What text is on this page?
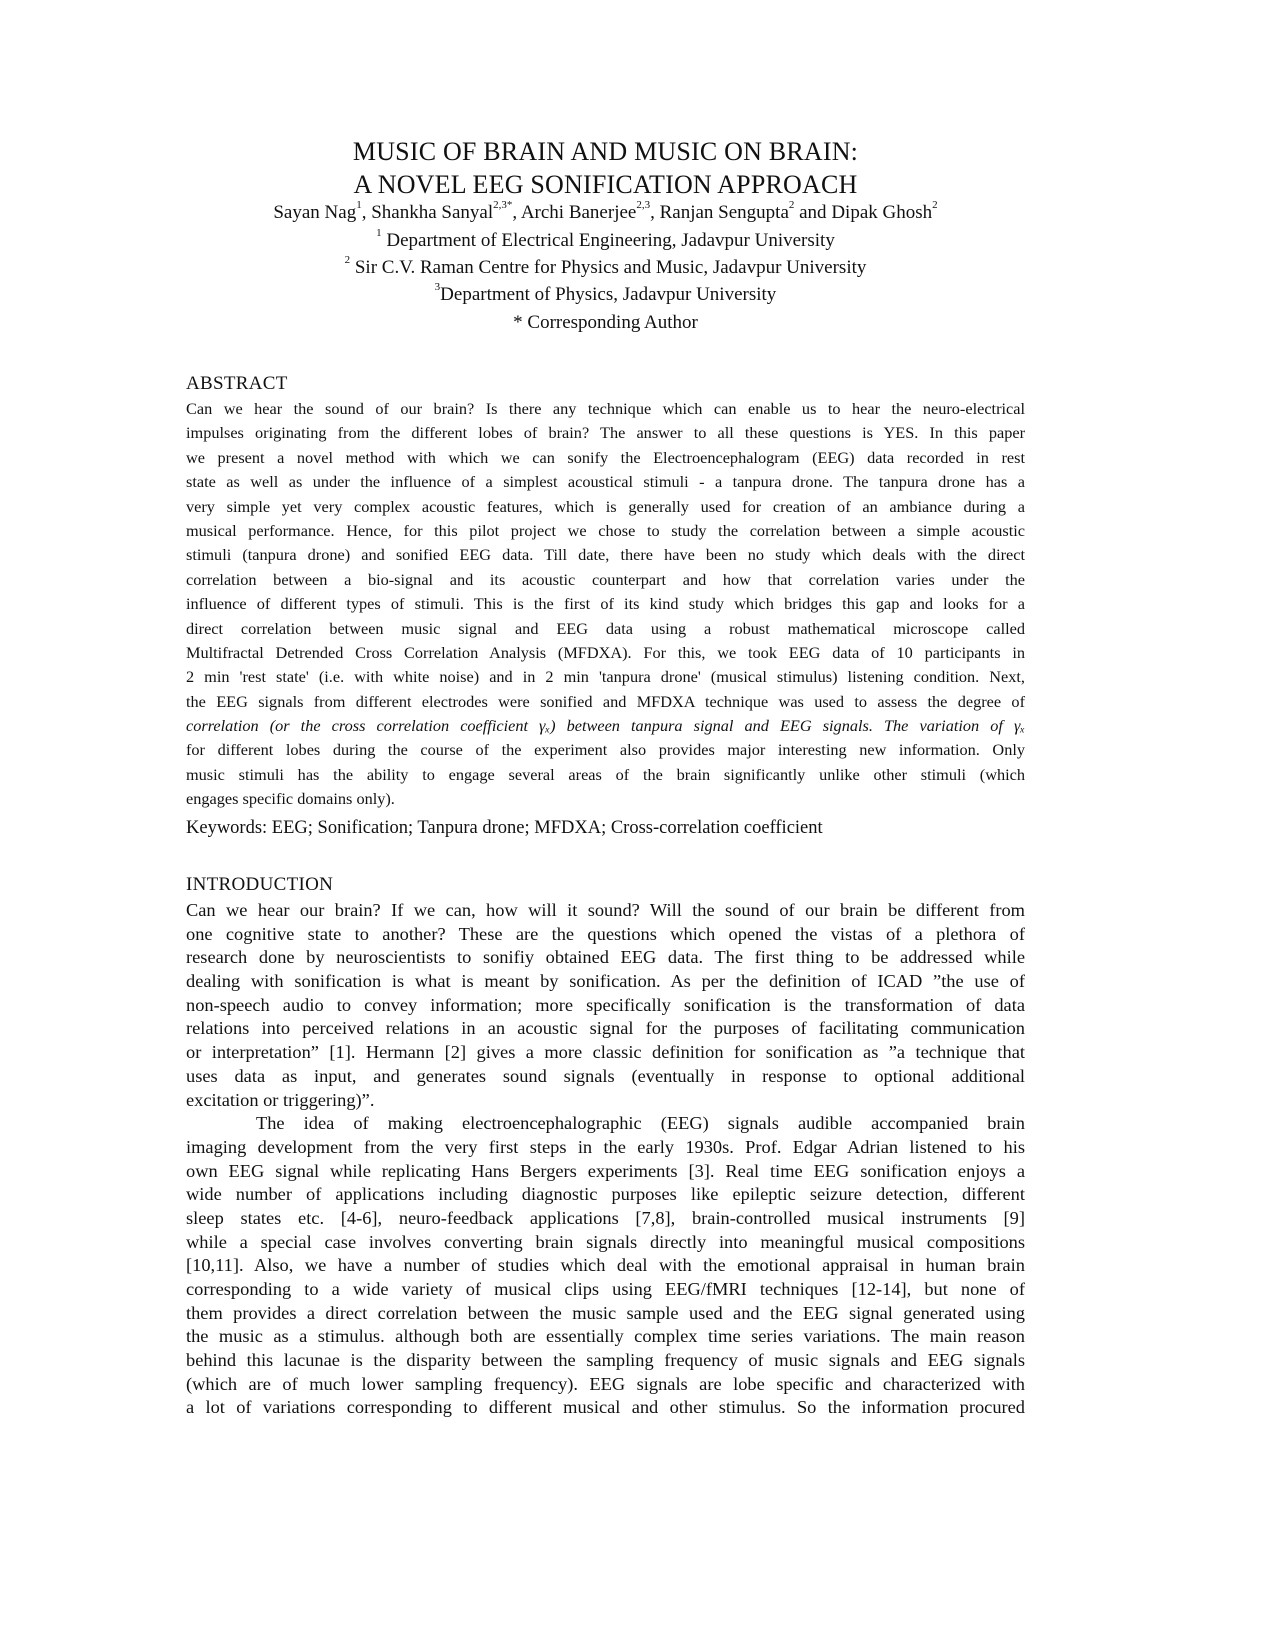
MUSIC OF BRAIN AND MUSIC ON BRAIN:
A NOVEL EEG SONIFICATION APPROACH
Sayan Nag$^1$, Shankha Sanyal$^{2,3*}$, Archi Banerjee$^{2,3}$, Ranjan Sengupta$^2$ and Dipak Ghosh$^2$
$^1$ Department of Electrical Engineering, Jadavpur University
$^2$ Sir C.V. Raman Centre for Physics and Music, Jadavpur University
$^3$Department of Physics, Jadavpur University
* Corresponding Author
ABSTRACT
Can we hear the sound of our brain? Is there any technique which can enable us to hear the neuro-electrical
impulses originating from the different lobes of brain? The answer to all these questions is YES. In this paper
we present a novel method with which we can sonify the Electroencephalogram (EEG) data recorded in rest
state as well as under the influence of a simplest acoustical stimuli - a tanpura drone. The tanpura drone has a
very simple yet very complex acoustic features, which is generally used for creation of an ambiance during a
musical performance. Hence, for this pilot project we chose to study the correlation between a simple acoustic
stimuli (tanpura drone) and sonified EEG data. Till date, there have been no study which deals with the direct
correlation between a bio-signal and its acoustic counterpart and how that correlation varies under the
influence of different types of stimuli. This is the first of its kind study which bridges this gap and looks for a
direct correlation between music signal and EEG data using a robust mathematical microscope called
Multifractal Detrended Cross Correlation Analysis (MFDXA). For this, we took EEG data of 10 participants in
2 min 'rest state' (i.e. with white noise) and in 2 min 'tanpura drone' (musical stimulus) listening condition. Next,
the EEG signals from different electrodes were sonified and MFDXA technique was used to assess the degree of
correlation (or the cross correlation coefficient γₓ) between tanpura signal and EEG signals. The variation of γₓ
for different lobes during the course of the experiment also provides major interesting new information. Only
music stimuli has the ability to engage several areas of the brain significantly unlike other stimuli (which
engages specific domains only).
Keywords: EEG; Sonification; Tanpura drone; MFDXA; Cross-correlation coefficient
INTRODUCTION
Can we hear our brain? If we can, how will it sound? Will the sound of our brain be different from
one cognitive state to another? These are the questions which opened the vistas of a plethora of
research done by neuroscientists to sonifiy obtained EEG data. The first thing to be addressed while
dealing with sonification is what is meant by sonification. As per the definition of ICAD ”the use of
non-speech audio to convey information; more specifically sonification is the transformation of data
relations into perceived relations in an acoustic signal for the purposes of facilitating communication
or interpretation” [1]. Hermann [2] gives a more classic definition for sonification as ”a technique that
uses data as input, and generates sound signals (eventually in response to optional additional
excitation or triggering)”.
The idea of making electroencephalographic (EEG) signals audible accompanied brain
imaging development from the very first steps in the early 1930s. Prof. Edgar Adrian listened to his
own EEG signal while replicating Hans Bergers experiments [3]. Real time EEG sonification enjoys a
wide number of applications including diagnostic purposes like epileptic seizure detection, different
sleep states etc. [4-6], neuro-feedback applications [7,8], brain-controlled musical instruments [9]
while a special case involves converting brain signals directly into meaningful musical compositions
[10,11]. Also, we have a number of studies which deal with the emotional appraisal in human brain
corresponding to a wide variety of musical clips using EEG/fMRI techniques [12-14], but none of
them provides a direct correlation between the music sample used and the EEG signal generated using
the music as a stimulus. although both are essentially complex time series variations. The main reason
behind this lacunae is the disparity between the sampling frequency of music signals and EEG signals
(which are of much lower sampling frequency). EEG signals are lobe specific and characterized with
a lot of variations corresponding to different musical and other stimulus. So the information procured
